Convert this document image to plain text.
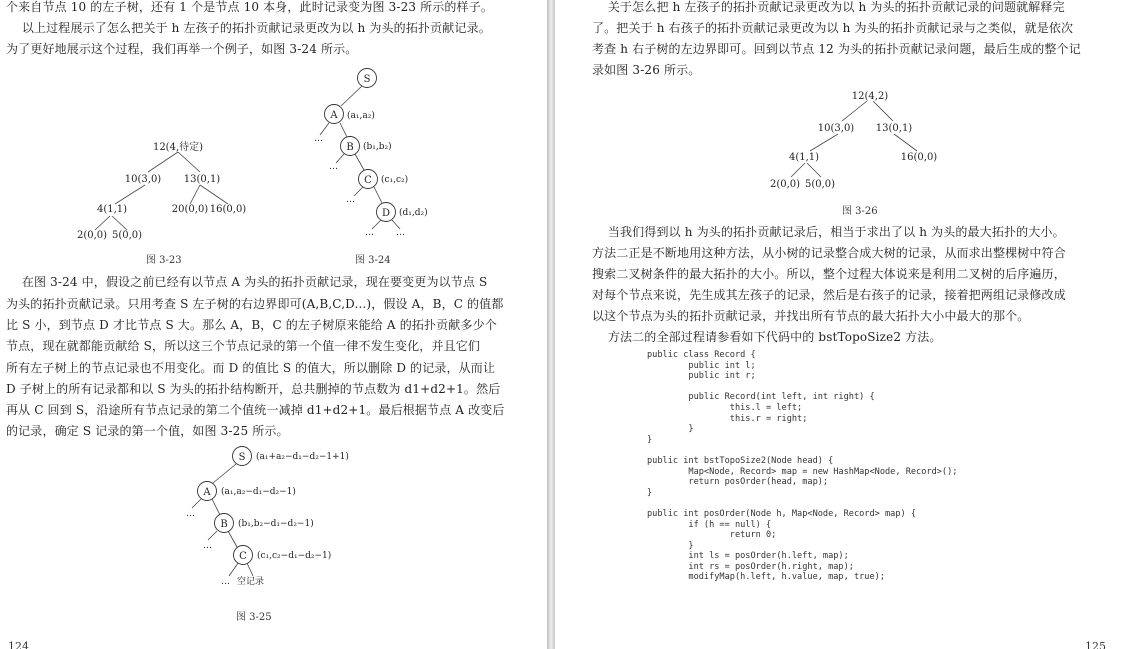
个来自节点 10 的左子树，还有 1 个是节点 10 本身，此时记录变为图 3-23 所示的样子。
以上过程展示了怎么把关于 h 左孩子的拓扑贡献记录更改为以 h 为头的拓扑贡献记录。
为了更好地展示这个过程，我们再举一个例子，如图 3-24 所示。
12(4,待定)
10(3,0) 13(0,1)
4(1,1)	20(0,0) 16(0,0)
2(0,0) 5(0,0)
S
A
B
C
D
(a₁,a₂)
(b₁,b₂)
(c₁,c₂)
(d₁,d₂)
…
…
…
… …
图 3-23	图 3-24
在图 3-24 中，假设之前已经有以节点 A 为头的拓扑贡献记录，现在要变更为以节点 S
为头的拓扑贡献记录。只用考查 S 左子树的右边界即可(A,B,C,D...)，假设 A，B，C 的值都
比 S 小，到节点 D 才比节点 S 大。那么 A，B，C 的左子树原来能给 A 的拓扑贡献多少个
节点，现在就都能贡献给 S，所以这三个节点记录的第一个值一律不发生变化，并且它们
所有左子树上的节点记录也不用变化。而 D 的值比 S 的值大，所以删除 D 的记录，从而让
D 子树上的所有记录都和以 S 为头的拓扑结构断开，总共删掉的节点数为 d1+d2+1。然后
再从 C 回到 S，沿途所有节点记录的第二个值统一减掉 d1+d2+1。最后根据节点 A 改变后
的记录，确定 S 记录的第一个值，如图 3-25 所示。
S
A
B
C
(a₁+a₂−d₁−d₂−1+1)
(a₁,a₂−d₁−d₂−1)
(b₁,b₂−d₁−d₂−1)
(c₁,c₂−d₁−d₂−1)
…
…
… 空记录
图 3-25
124
关于怎么把 h 左孩子的拓扑贡献记录更改为以 h 为头的拓扑贡献记录的问题就解释完
了。把关于 h 右孩子的拓扑贡献记录更改为以 h 为头的拓扑贡献记录与之类似，就是依次
考查 h 右子树的左边界即可。回到以节点 12 为头的拓扑贡献记录问题，最后生成的整个记
录如图 3-26 所示。
12(4,2)
10(3,0) 13(0,1)
4(1,1)	16(0,0)
2(0,0) 5(0,0)
图 3-26
当我们得到以 h 为头的拓扑贡献记录后，相当于求出了以 h 为头的最大拓扑的大小。
方法二正是不断地用这种方法，从小树的记录整合成大树的记录，从而求出整棵树中符合
搜索二叉树条件的最大拓扑的大小。所以，整个过程大体说来是利用二叉树的后序遍历，
对每个节点来说，先生成其左孩子的记录，然后是右孩子的记录，接着把两组记录修改成
以这个节点为头的拓扑贡献记录，并找出所有节点的最大拓扑大小中最大的那个。
方法二的全部过程请参看如下代码中的 bstTopoSize2 方法。
public class Record {
public int l;
public int r;

public Record(int left, int right) {
this.l = left;
this.r = right;
}
}

public int bstTopoSize2(Node head) {
Map<Node, Record> map = new HashMap<Node, Record>();
return posOrder(head, map);
}

public int posOrder(Node h, Map<Node, Record> map) {
if (h == null) {
return 0;
}
int ls = posOrder(h.left, map);
int rs = posOrder(h.right, map);
modifyMap(h.left, h.value, map, true);
125
